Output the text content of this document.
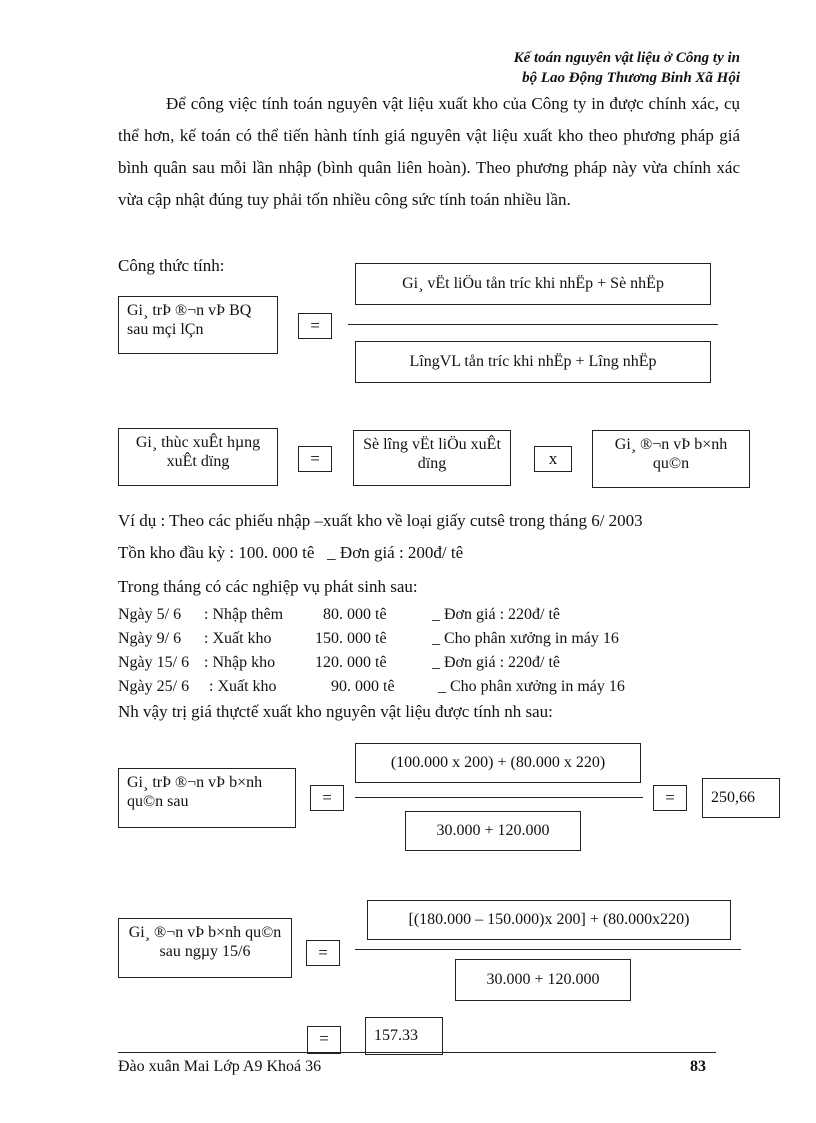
Kế toán nguyên vật liệu ở Công ty in
bộ Lao Động Thương Binh Xã Hội
Để công việc tính toán nguyên vật liệu xuất kho của Công ty in được chính xác, cụ thể hơn, kế toán có thể tiến hành tính giá nguyên vật liệu xuất kho theo phương pháp giá bình quân sau mỗi lần nhập (bình quân liên hoàn). Theo phương pháp này vừa chính xác vừa cập nhật đúng tuy phải tốn nhiều công sức tính toán nhiều lần.
Công thức tính:
Gi¸ trÞ ®¬n vÞ BQ sau mçi lÇn	=
Gi¸ vËt liÖu tån tríc khi nhËp + Sè nhËp
LîngVL tån tríc khi nhËp + Lîng nhËp
Gi¸ thùc xuÊt hµng xuÊt dïng	=
Sè lîng vËt liÖu xuÊt dïng	x
Gi¸ ®¬n vÞ b×nh qu©n
Ví dụ : Theo các phiếu nhập –xuất kho về loại giấy cutsê trong tháng 6/ 2003
Tồn kho đầu kỳ : 100. 000 tê   _ Đơn giá : 200đ/ tê
Trong tháng có các nghiệp vụ phát sinh sau:
Ngày 5/ 6 : Nhập thêm 80. 000 tê	_ Đơn giá : 220đ/ tê
Ngày 9/ 6 : Xuất kho	150. 000 tê	_ Cho phân xưởng in máy 16
Ngày 15/ 6 : Nhập kho 120. 000 tê	_ Đơn giá : 220đ/ tê
Ngày 25/ 6 : Xuất kho	90. 000 tê	_ Cho phân xưởng in máy 16
Nh vậy trị giá thựctế xuất kho nguyên vật liệu được tính nh sau:
Gi¸ trÞ ®¬n vÞ b×nh qu©n sau	=
(100.000 x 200) + (80.000 x 220)
30.000 + 120.000
=	250,66
Gi¸ ®¬n vÞ b×nh qu©n sau ngµy 15/6	=
[(180.000 – 150.000)x 200] + (80.000x220)
30.000 + 120.000
=	157.33
Đào xuân Mai Lớp A9 Khoá 36	83
